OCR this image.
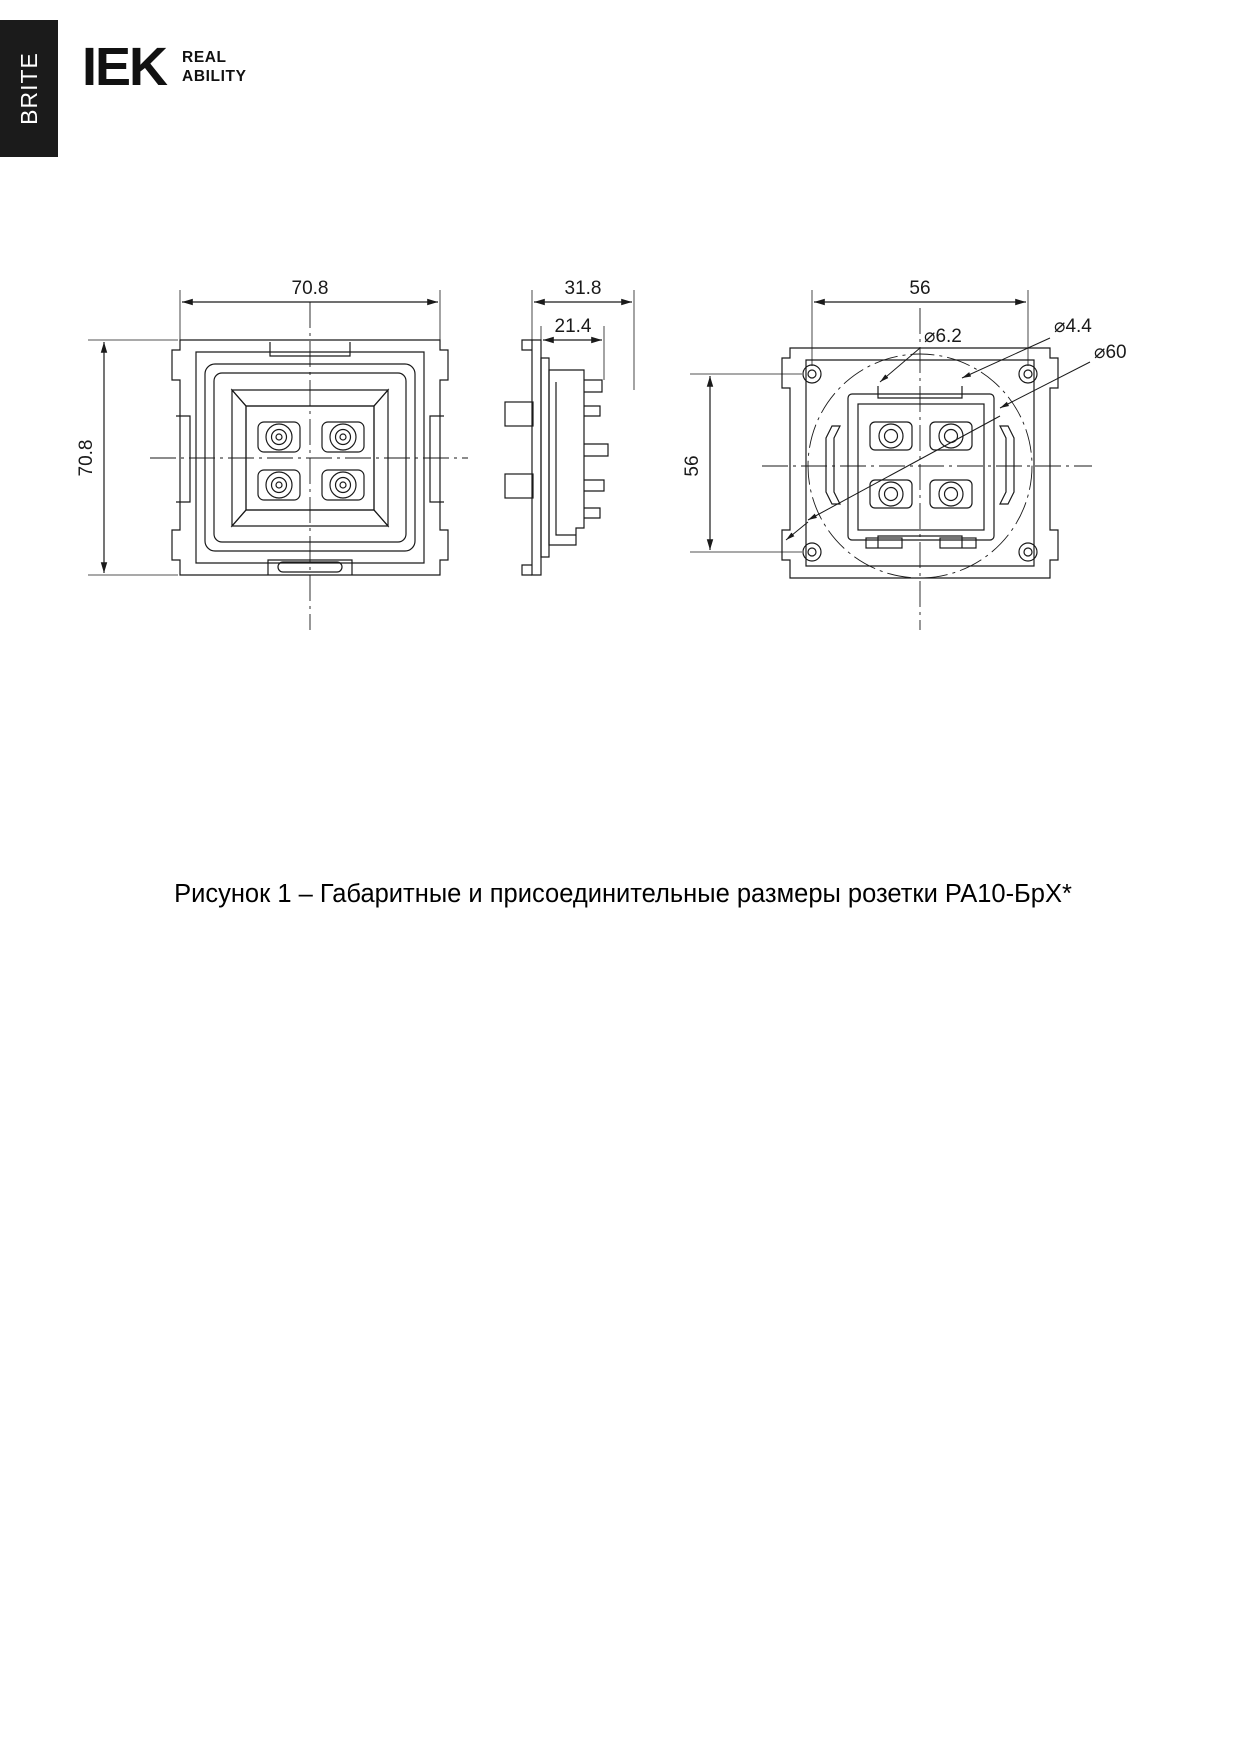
BRITE IEK REAL
ABILITY
70.8
70.8
31.8
21.4
56
56
⌀4.4
⌀6.2
⌀60
Рисунок 1 – Габаритные и присоединительные размеры розетки РА10-БрХ*
